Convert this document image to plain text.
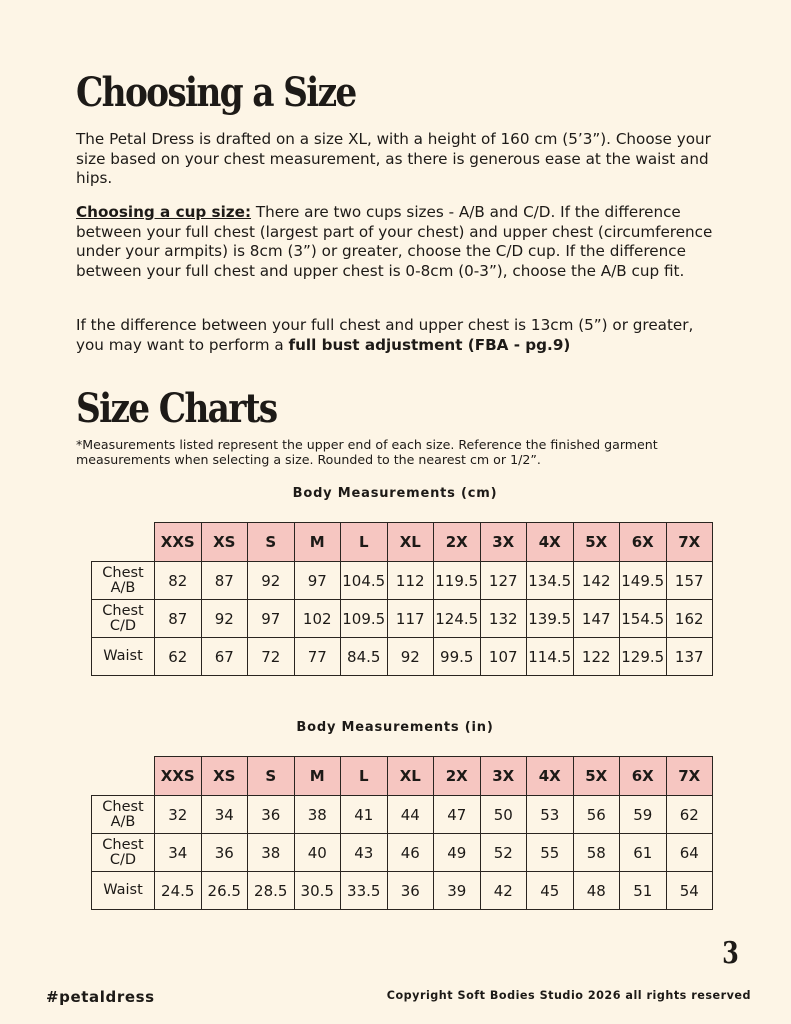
Choosing a Size
The Petal Dress is drafted on a size XL, with a height of 160 cm (5’3”). Choose your size based on your chest measurement, as there is generous ease at the waist and hips.
Choosing a cup size: There are two cups sizes - A/B and C/D. If the difference between your full chest (largest part of your chest) and upper chest (circumference under your armpits) is 8cm (3”) or greater, choose the C/D cup. If the difference between your full chest and upper chest is 0-8cm (0-3”), choose the A/B cup fit.
If the difference between your full chest and upper chest is 13cm (5”) or greater, you may want to perform a full bust adjustment (FBA - pg.9)
Size Charts
*Measurements listed represent the upper end of each size. Reference the finished garment measurements when selecting a size. Rounded to the nearest cm or 1/2”.
Body Measurements (cm)
	XXS	XS	S	M	L	XL	2X	3X	4X	5X	6X	7X
Chest
A/B	82	87	92	97	104.5	112	119.5	127	134.5	142	149.5	157
Chest
C/D	87	92	97	102	109.5	117	124.5	132	139.5	147	154.5	162
Waist	62	67	72	77	84.5	92	99.5	107	114.5	122	129.5	137
Body Measurements (in)
	XXS	XS	S	M	L	XL	2X	3X	4X	5X	6X	7X
Chest
A/B	32	34	36	38	41	44	47	50	53	56	59	62
Chest
C/D	34	36	38	40	43	46	49	52	55	58	61	64
Waist	24.5	26.5	28.5	30.5	33.5	36	39	42	45	48	51	54
3
#petaldress	Copyright Soft Bodies Studio 2026 all rights reserved
